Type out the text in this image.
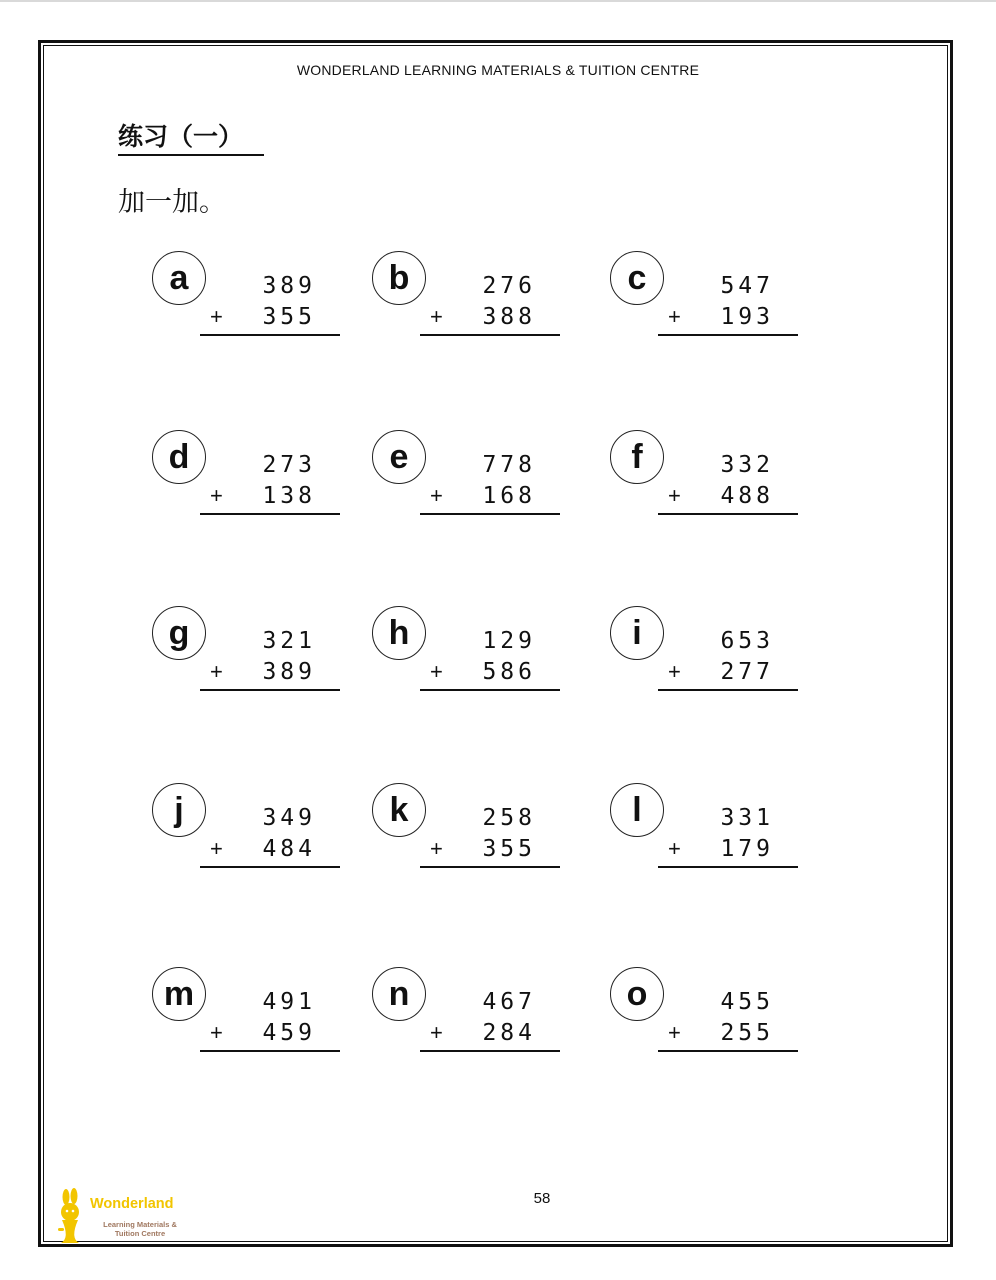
WONDERLAND LEARNING MATERIALS & TUITION CENTRE
练习（一）
加一加。
a	389
+	355
b	276
+	388
c	547
+	193
d	273
+	138
e	778
+	168
f	332
+	488
g	321
+	389
h	129
+	586
i	653
+	277
j	349
+	484
k	258
+	355
l	331
+	179
m	491
+	459
n	467
+	284
o	455
+	255
58
Wonderland
Learning Materials &
Tuition Centre
